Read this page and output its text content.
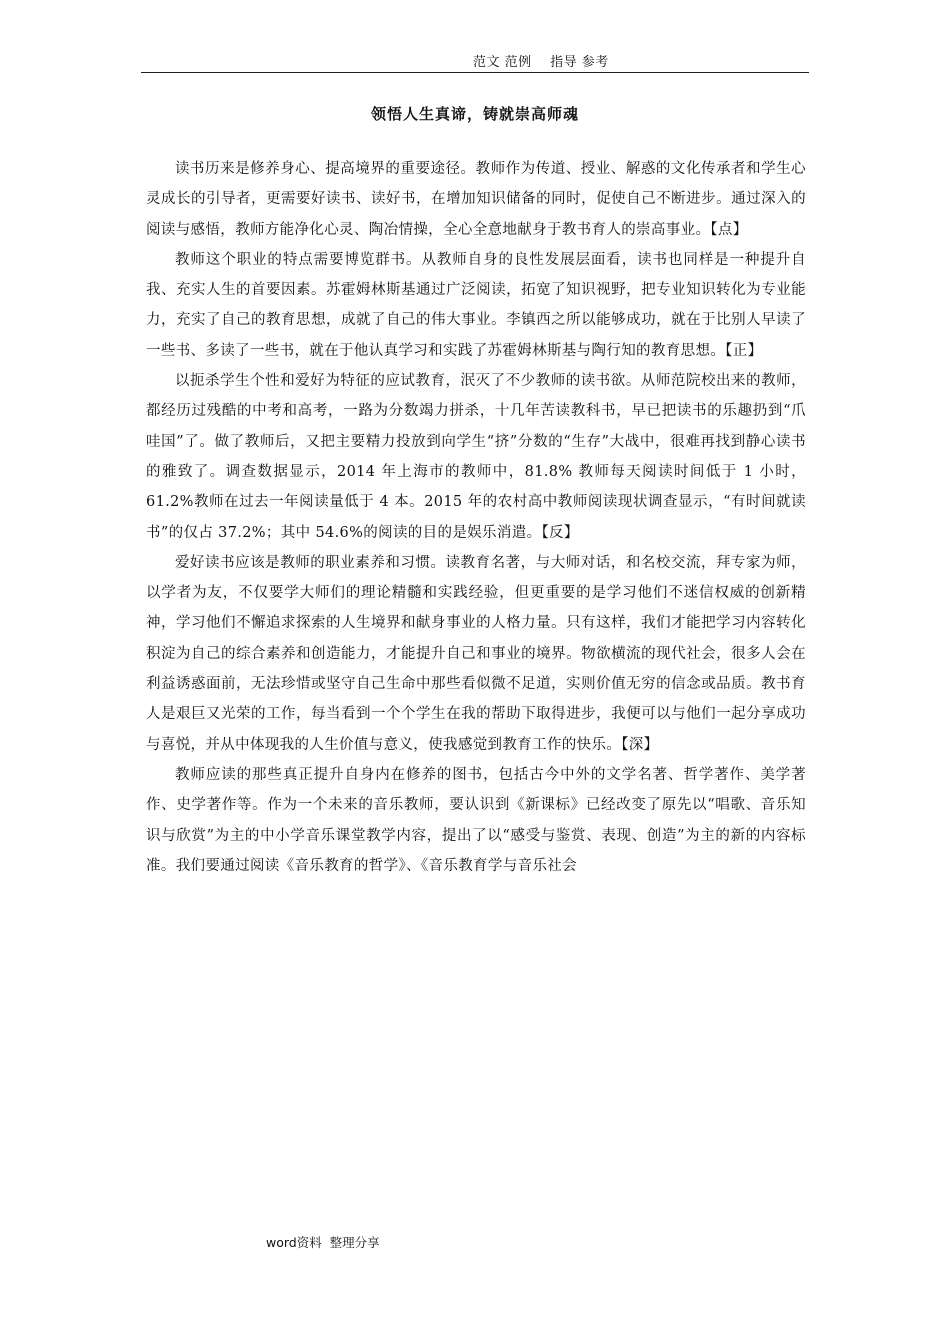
范文 范例    指导 参考
领悟人生真谛，铸就崇高师魂

读书历来是修养身心、提高境界的重要途径。教师作为传道、授业、解惑的文化传承者和学生心灵成长的引导者，更需要好读书、读好书，在增加知识储备的同时，促使自己不断进步。通过深入的阅读与感悟，教师方能净化心灵、陶冶情操，全心全意地献身于教书育人的崇高事业。【点】

教师这个职业的特点需要博览群书。从教师自身的良性发展层面看，读书也同样是一种提升自我、充实人生的首要因素。苏霍姆林斯基通过广泛阅读，拓宽了知识视野，把专业知识转化为专业能力，充实了自己的教育思想，成就了自己的伟大事业。李镇西之所以能够成功，就在于比别人早读了一些书、多读了一些书，就在于他认真学习和实践了苏霍姆林斯基与陶行知的教育思想。【正】

以扼杀学生个性和爱好为特征的应试教育，泯灭了不少教师的读书欲。从师范院校出来的教师，都经历过残酷的中考和高考，一路为分数竭力拼杀，十几年苦读教科书，早已把读书的乐趣扔到“爪哇国”了。做了教师后，又把主要精力投放到向学生“挤”分数的“生存”大战中，很难再找到静心读书的雅致了。调查数据显示，2014 年上海市的教师中，81.8% 教师每天阅读时间低于 1 小时，61.2%教师在过去一年阅读量低于 4 本。2015 年的农村高中教师阅读现状调查显示，“有时间就读书”的仅占 37.2%；其中 54.6%的阅读的目的是娱乐消遣。【反】

爱好读书应该是教师的职业素养和习惯。读教育名著，与大师对话，和名校交流，拜专家为师，以学者为友，不仅要学大师们的理论精髓和实践经验，但更重要的是学习他们不迷信权威的创新精神，学习他们不懈追求探索的人生境界和献身事业的人格力量。只有这样，我们才能把学习内容转化积淀为自己的综合素养和创造能力，才能提升自己和事业的境界。物欲横流的现代社会，很多人会在利益诱惑面前，无法珍惜或坚守自己生命中那些看似微不足道，实则价值无穷的信念或品质。教书育人是艰巨又光荣的工作，每当看到一个个学生在我的帮助下取得进步，我便可以与他们一起分享成功与喜悦，并从中体现我的人生价值与意义，使我感觉到教育工作的快乐。【深】

教师应读的那些真正提升自身内在修养的图书，包括古今中外的文学名著、哲学著作、美学著作、史学著作等。作为一个未来的音乐教师，要认识到《新课标》已经改变了原先以“唱歌、音乐知识与欣赏”为主的中小学音乐课堂教学内容，提出了以“感受与鉴赏、表现、创造”为主的新的内容标准。我们要通过阅读《音乐教育的哲学》、《音乐教育学与音乐社会

word资料  整理分享
